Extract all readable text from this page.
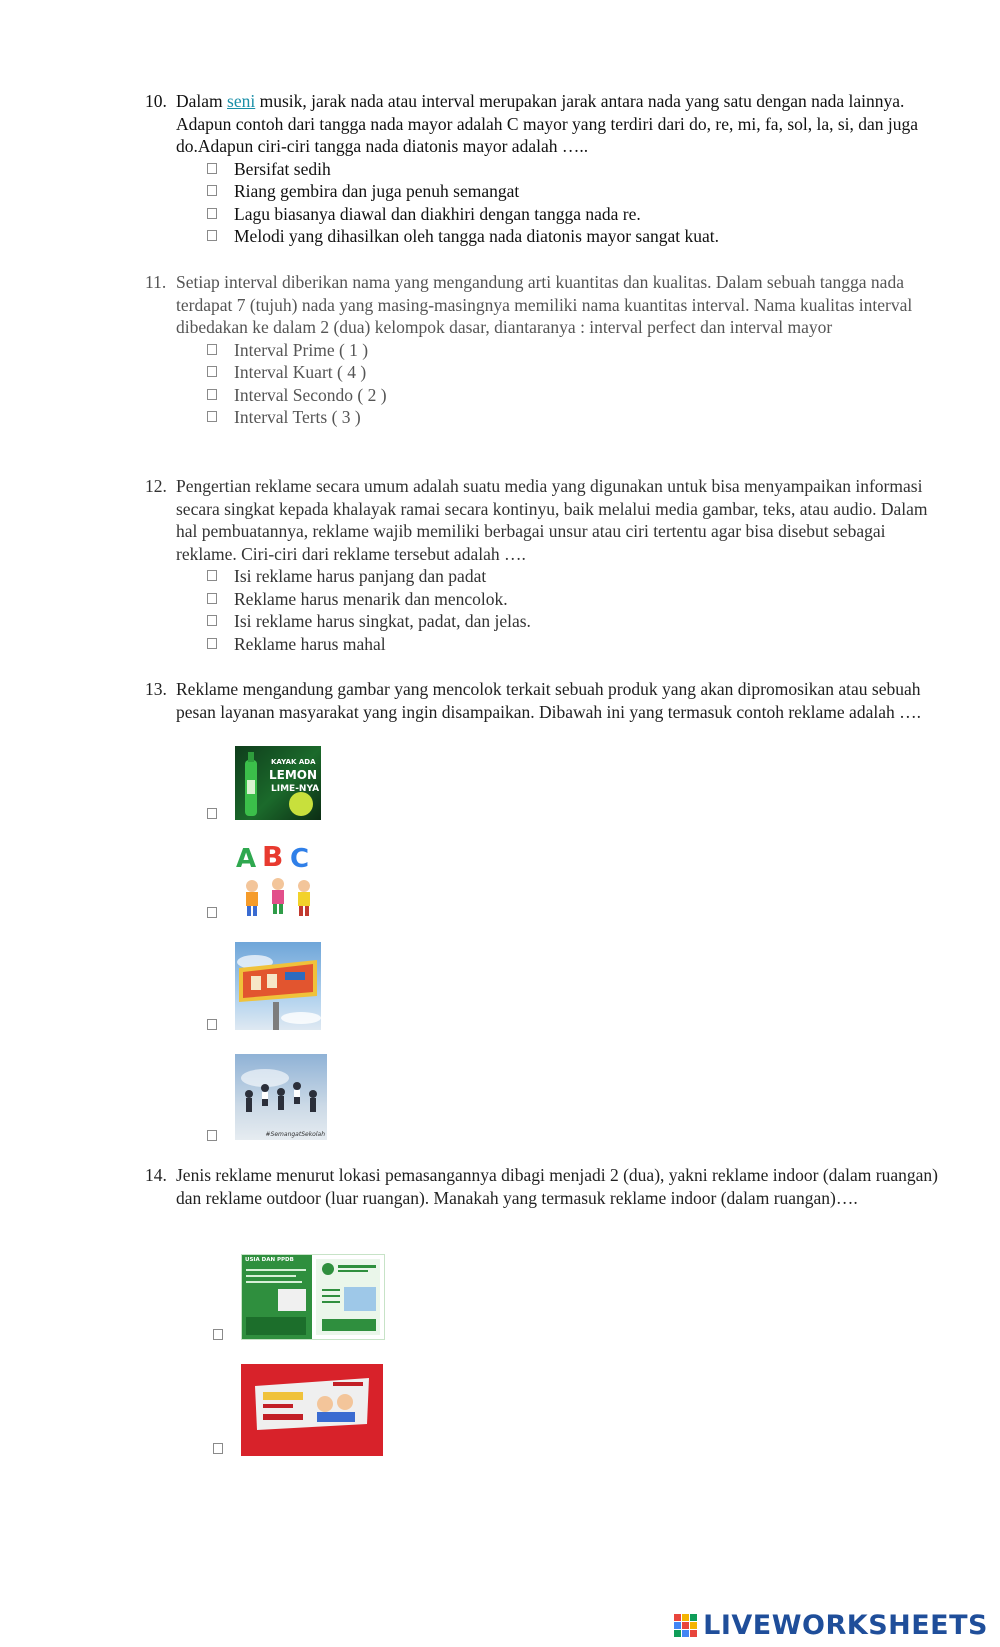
10. Dalam seni musik, jarak nada atau interval merupakan jarak antara nada yang satu dengan nada lainnya. Adapun contoh dari tangga nada mayor adalah C mayor yang terdiri dari do, re, mi, fa, sol, la, si, dan juga do.Adapun ciri-ciri tangga nada diatonis mayor adalah …..
Bersifat sedih
Riang gembira dan juga penuh semangat
Lagu biasanya diawal dan diakhiri dengan tangga nada re.
Melodi yang dihasilkan oleh tangga nada diatonis mayor sangat kuat.
11. Setiap interval diberikan nama yang mengandung arti kuantitas dan kualitas. Dalam sebuah tangga nada terdapat 7 (tujuh) nada yang masing-masingnya memiliki nama kuantitas interval. Nama kualitas interval dibedakan ke dalam 2 (dua) kelompok dasar, diantaranya : interval perfect dan interval mayor
Interval Prime ( 1 )
Interval Kuart ( 4 )
Interval Secondo ( 2 )
Interval Terts ( 3 )
12. Pengertian reklame secara umum adalah suatu media yang digunakan untuk bisa menyampaikan informasi secara singkat kepada khalayak ramai secara kontinyu, baik melalui media gambar, teks, atau audio. Dalam hal pembuatannya, reklame wajib memiliki berbagai unsur atau ciri tertentu agar bisa disebut sebagai reklame. Ciri-ciri dari reklame tersebut adalah ….
Isi reklame harus panjang dan padat
Reklame harus menarik dan mencolok.
Isi reklame harus singkat, padat, dan jelas.
Reklame harus mahal
13. Reklame mengandung gambar yang mencolok terkait sebuah produk yang akan dipromosikan atau sebuah pesan layanan masyarakat yang ingin disampaikan. Dibawah ini yang termasuk contoh reklame adalah ….
KAYAK ADA
LEMON
LIME-NYA
A B C
#SemangatSekolah
14. Jenis reklame menurut lokasi pemasangannya dibagi menjadi 2 (dua), yakni reklame indoor (dalam ruangan) dan reklame outdoor (luar ruangan). Manakah yang termasuk reklame indoor (dalam ruangan)….
USIA DAN PPDB
LIVEWORKSHEETS
